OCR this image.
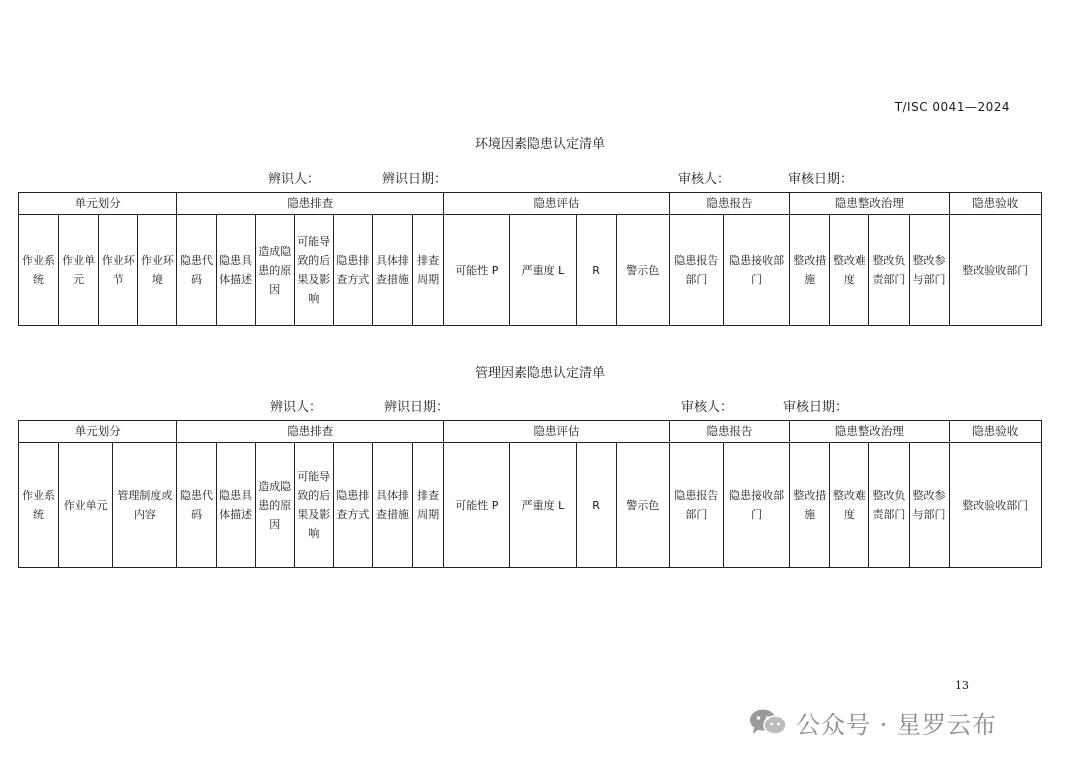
T/ISC 0041—2024
环境因素隐患认定清单
辨识人：	辨识日期：	审核人：	审核日期：
单元划分				隐患排查							隐患评估				隐患报告		隐患整改治理				隐患验收
作业系统	作业单元	作业环节	作业环境	隐患代码	隐患具体描述	造成隐患的原因	可能导致的后果及影响	隐患排查方式	具体排查措施	排查周期	可能性 P	严重度 L	R	警示色	隐患报告部门	隐患接收部门	整改措施	整改难度	整改负责部门	整改参与部门	整改验收部门
管理因素隐患认定清单
辨识人：	辨识日期：	审核人：	审核日期：
单元划分			隐患排查							隐患评估				隐患报告		隐患整改治理				隐患验收
作业系统	作业单元	管理制度或内容	隐患代码	隐患具体描述	造成隐患的原因	可能导致的后果及影响	隐患排查方式	具体排查措施	排查周期	可能性 P	严重度 L	R	警示色	隐患报告部门	隐患接收部门	整改措施	整改难度	整改负责部门	整改参与部门	整改验收部门
13
公众号 · 星罗云布
